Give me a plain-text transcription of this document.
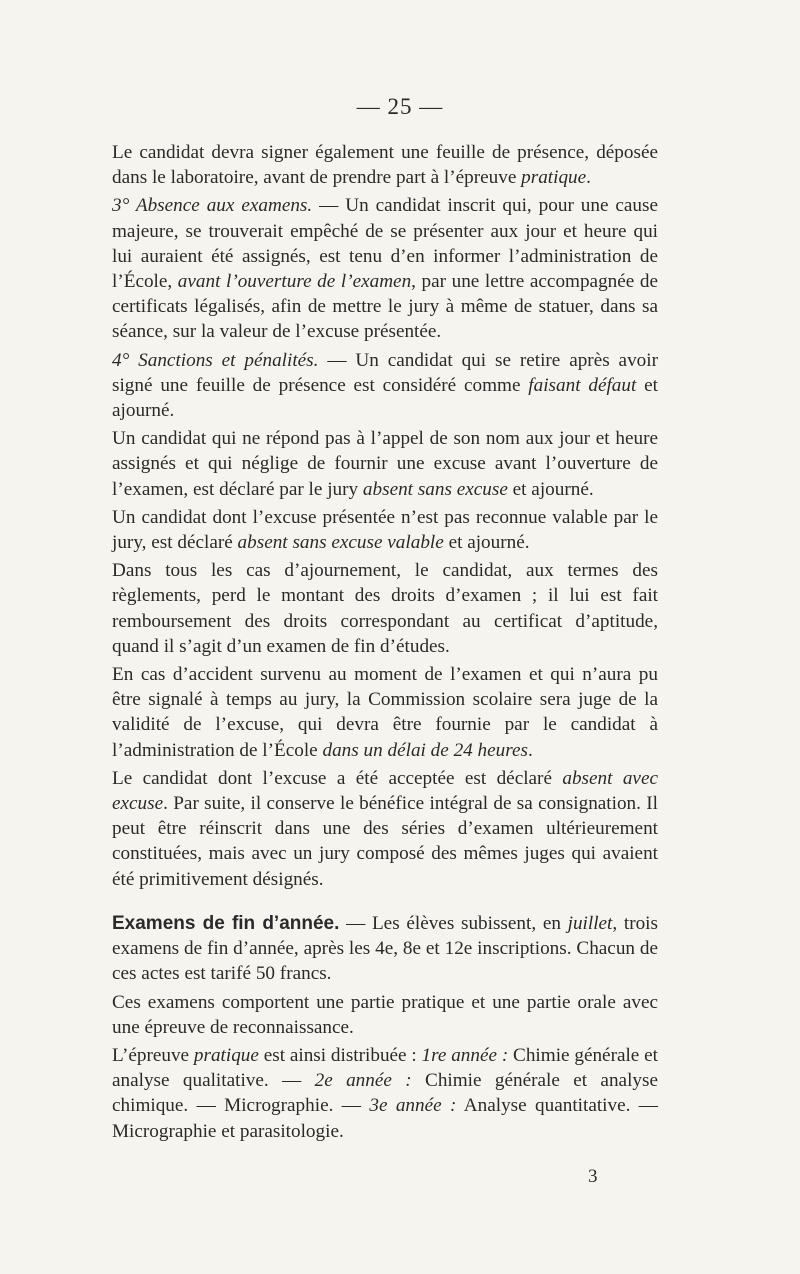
— 25 —

Le candidat devra signer également une feuille de présence, déposée dans le laboratoire, avant de prendre part à l’épreuve pratique.

3° Absence aux examens. — Un candidat inscrit qui, pour une cause majeure, se trouverait empêché de se présenter aux jour et heure qui lui auraient été assignés, est tenu d’en informer l’administration de l’École, avant l’ouverture de l’examen, par une lettre accompagnée de certificats légalisés, afin de mettre le jury à même de statuer, dans sa séance, sur la valeur de l’excuse présentée.

4° Sanctions et pénalités. — Un candidat qui se retire après avoir signé une feuille de présence est considéré comme faisant défaut et ajourné.

Un candidat qui ne répond pas à l’appel de son nom aux jour et heure assignés et qui néglige de fournir une excuse avant l’ouverture de l’examen, est déclaré par le jury absent sans excuse et ajourné.

Un candidat dont l’excuse présentée n’est pas reconnue valable par le jury, est déclaré absent sans excuse valable et ajourné.

Dans tous les cas d’ajournement, le candidat, aux termes des règlements, perd le montant des droits d’examen ; il lui est fait remboursement des droits correspondant au certificat d’aptitude, quand il s’agit d’un examen de fin d’études.

En cas d’accident survenu au moment de l’examen et qui n’aura pu être signalé à temps au jury, la Commission scolaire sera juge de la validité de l’excuse, qui devra être fournie par le candidat à l’administration de l’École dans un délai de 24 heures.

Le candidat dont l’excuse a été acceptée est déclaré absent avec excuse. Par suite, il conserve le bénéfice intégral de sa consignation. Il peut être réinscrit dans une des séries d’examen ultérieurement constituées, mais avec un jury composé des mêmes juges qui avaient été primitivement désignés.

Examens de fin d’année. — Les élèves subissent, en juillet, trois examens de fin d’année, après les 4e, 8e et 12e inscriptions. Chacun de ces actes est tarifé 50 francs.

Ces examens comportent une partie pratique et une partie orale avec une épreuve de reconnaissance.

L’épreuve pratique est ainsi distribuée : 1re année : Chimie générale et analyse qualitative. — 2e année : Chimie générale et analyse chimique. — Micrographie. — 3e année : Analyse quantitative. — Micrographie et parasitologie.

3
